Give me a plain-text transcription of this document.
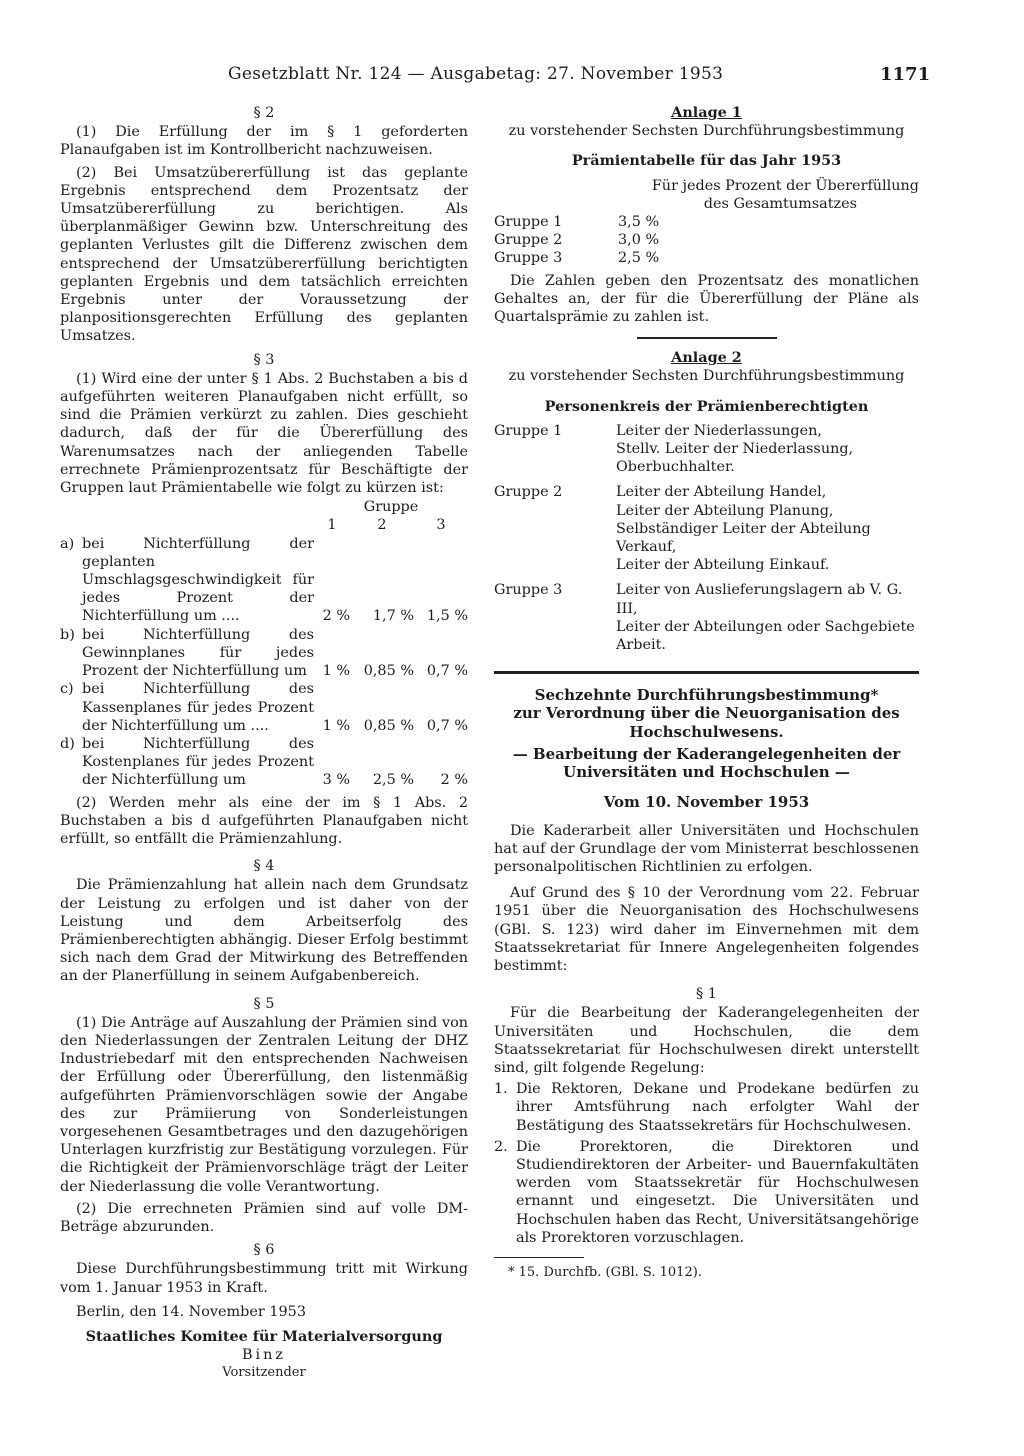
Gesetzblatt Nr. 124 — Ausgabetag: 27. November 1953	1171
§ 2

(1) Die Erfüllung der im § 1 geforderten Planaufgaben ist im Kontrollbericht nachzuweisen.

(2) Bei Umsatzübererfüllung ist das geplante Ergebnis entsprechend dem Prozentsatz der Umsatzübererfüllung zu berichtigen. Als überplanmäßiger Gewinn bzw. Unterschreitung des geplanten Verlustes gilt die Differenz zwischen dem entsprechend der Umsatzübererfüllung berichtigten geplanten Ergebnis und dem tatsächlich erreichten Ergebnis unter der Voraussetzung der planpositionsgerechten Erfüllung des geplanten Umsatzes.

§ 3

(1) Wird eine der unter § 1 Abs. 2 Buchstaben a bis d aufgeführten weiteren Planaufgaben nicht erfüllt, so sind die Prämien verkürzt zu zahlen. Dies geschieht dadurch, daß der für die Übererfüllung des Warenumsatzes nach der anliegenden Tabelle errechnete Prämienprozentsatz für Beschäftigte der Gruppen laut Prämientabelle wie folgt zu kürzen ist:

		Gruppe		
		1	2	3
a)	bei Nichterfüllung der geplanten Umschlagsgeschwindigkeit für jedes Prozent der Nichterfüllung um ....	2 %	1,7 %	1,5 %
b)	bei Nichterfüllung des Gewinnplanes für jedes Prozent der Nichterfüllung um	1 %	0,85 %	0,7 %
c)	bei Nichterfüllung des Kassenplanes für jedes Prozent der Nichterfüllung um ....	1 %	0,85 %	0,7 %
d)	bei Nichterfüllung des Kostenplanes für jedes Prozent der Nichterfüllung um	3 %	2,5 %	2 %

(2) Werden mehr als eine der im § 1 Abs. 2 Buchstaben a bis d aufgeführten Planaufgaben nicht erfüllt, so entfällt die Prämienzahlung.

§ 4

Die Prämienzahlung hat allein nach dem Grundsatz der Leistung zu erfolgen und ist daher von der Leistung und dem Arbeitserfolg des Prämienberechtigten abhängig. Dieser Erfolg bestimmt sich nach dem Grad der Mitwirkung des Betreffenden an der Planerfüllung in seinem Aufgabenbereich.

§ 5

(1) Die Anträge auf Auszahlung der Prämien sind von den Niederlassungen der Zentralen Leitung der DHZ Industriebedarf mit den entsprechenden Nachweisen der Erfüllung oder Übererfüllung, den listenmäßig aufgeführten Prämienvorschlägen sowie der Angabe des zur Prämiierung von Sonderleistungen vorgesehenen Gesamtbetrages und den dazugehörigen Unterlagen kurzfristig zur Bestätigung vorzulegen. Für die Richtigkeit der Prämienvorschläge trägt der Leiter der Niederlassung die volle Verantwortung.

(2) Die errechneten Prämien sind auf volle DM-Beträge abzurunden.

§ 6

Diese Durchführungsbestimmung tritt mit Wirkung vom 1. Januar 1953 in Kraft.

Berlin, den 14. November 1953

Staatliches Komitee für Materialversorgung
Binz
Vorsitzender
Anlage 1
zu vorstehender Sechsten Durchführungsbestimmung
Prämientabelle für das Jahr 1953
Für jedes Prozent der Übererfüllung
des Gesamtumsatzes
Gruppe 1	3,5 %
Gruppe 2	3,0 %
Gruppe 3	2,5 %

Die Zahlen geben den Prozentsatz des monatlichen Gehaltes an, der für die Übererfüllung der Pläne als Quartalsprämie zu zahlen ist.

Anlage 2
zu vorstehender Sechsten Durchführungsbestimmung
Personenkreis der Prämienberechtigten
Gruppe 1	Leiter der Niederlassungen,
Stellv. Leiter der Niederlassung,
Oberbuchhalter.

Gruppe 2	Leiter der Abteilung Handel,
Leiter der Abteilung Planung,
Selbständiger Leiter der Abteilung Verkauf,
Leiter der Abteilung Einkauf.

Gruppe 3	Leiter von Auslieferungslagern ab V. G. III,
Leiter der Abteilungen oder Sachgebiete Arbeit.
Sechzehnte Durchführungsbestimmung*
zur Verordnung über die Neuorganisation des Hochschulwesens.
— Bearbeitung der Kaderangelegenheiten der Universitäten und Hochschulen —
Vom 10. November 1953

Die Kaderarbeit aller Universitäten und Hochschulen hat auf der Grundlage der vom Ministerrat beschlossenen personalpolitischen Richtlinien zu erfolgen.

Auf Grund des § 10 der Verordnung vom 22. Februar 1951 über die Neuorganisation des Hochschulwesens (GBl. S. 123) wird daher im Einvernehmen mit dem Staatssekretariat für Innere Angelegenheiten folgendes bestimmt:

§ 1

Für die Bearbeitung der Kaderangelegenheiten der Universitäten und Hochschulen, die dem Staatssekretariat für Hochschulwesen direkt unterstellt sind, gilt folgende Regelung:

1. Die Rektoren, Dekane und Prodekane bedürfen zu ihrer Amtsführung nach erfolgter Wahl der Bestätigung des Staatssekretärs für Hochschulwesen.
2. Die Prorektoren, die Direktoren und Studiendirektoren der Arbeiter- und Bauernfakultäten werden vom Staatssekretär für Hochschulwesen ernannt und eingesetzt. Die Universitäten und Hochschulen haben das Recht, Universitätsangehörige als Prorektoren vorzuschlagen.
* 15. Durchfb. (GBl. S. 1012).
